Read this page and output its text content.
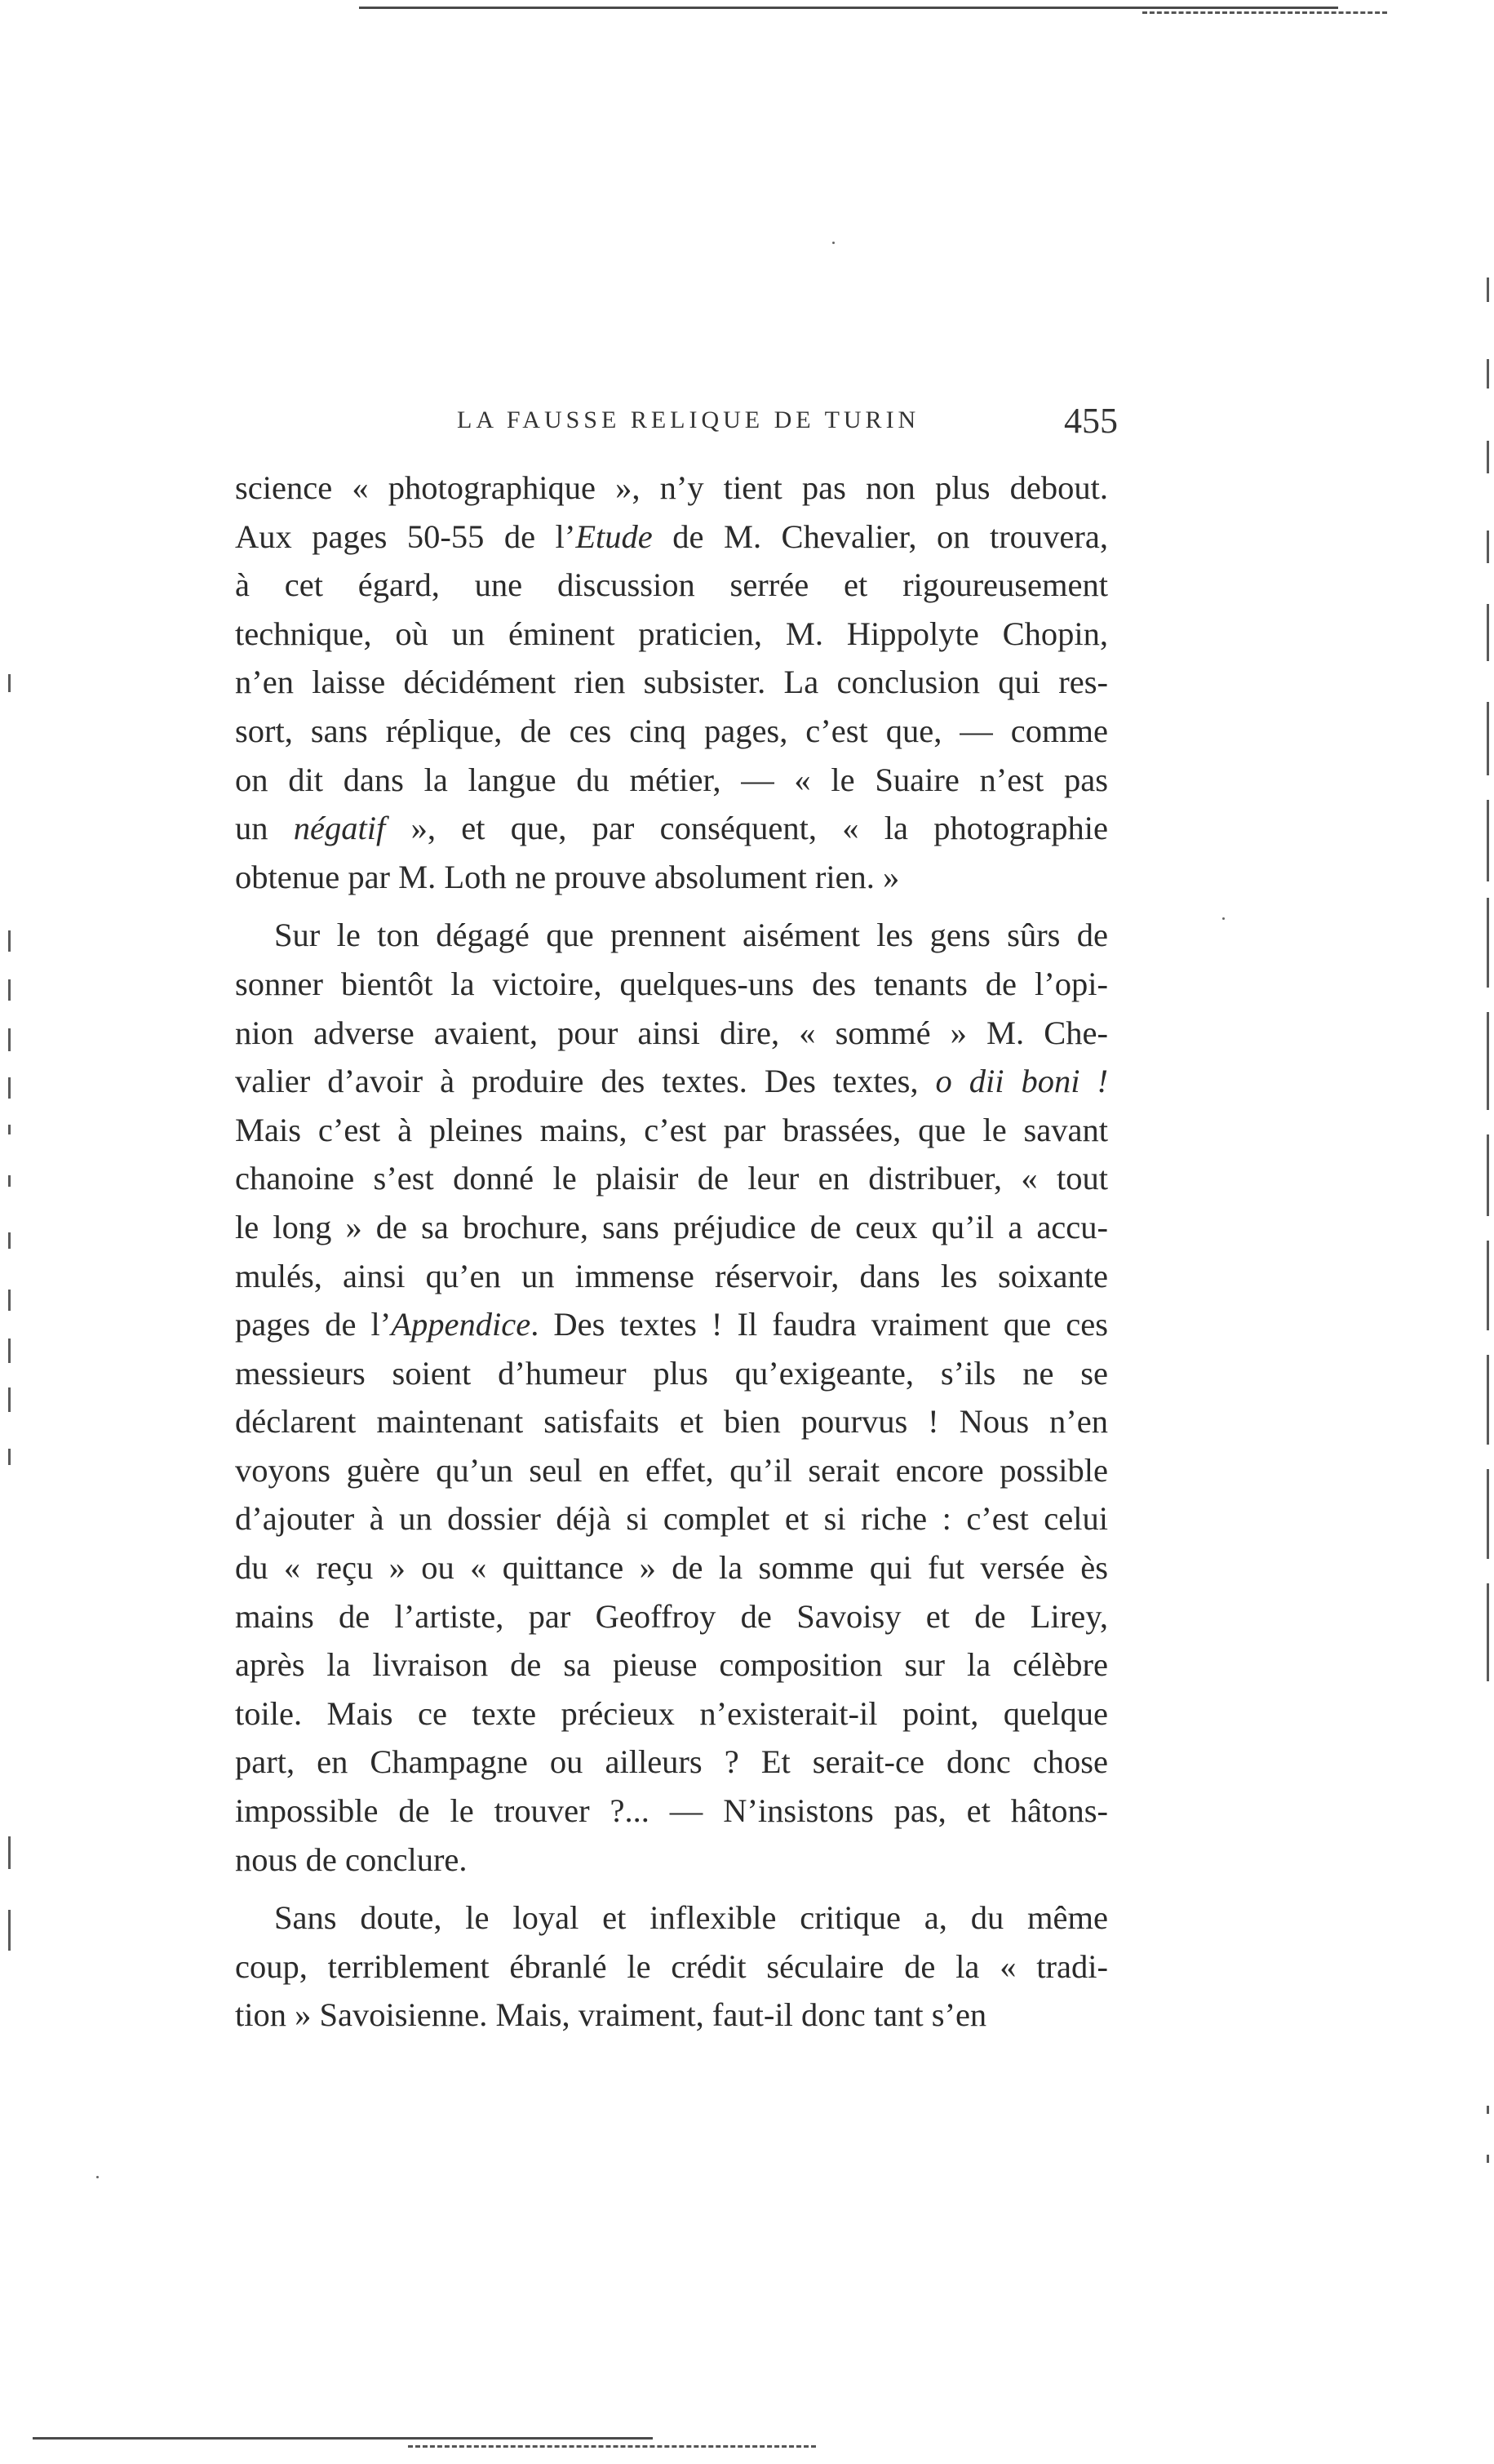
LA FAUSSE RELIQUE DE TURIN	455
science « photographique », n’y tient pas non plus debout.
Aux pages 50-55 de l’Etude de M. Chevalier, on trouvera,
à cet égard, une discussion serrée et rigoureusement
technique, où un éminent praticien, M. Hippolyte Chopin,
n’en laisse décidément rien subsister. La conclusion qui res-
sort, sans réplique, de ces cinq pages, c’est que, — comme
on dit dans la langue du métier, — « le Suaire n’est pas
un négatif », et que, par conséquent, « la photographie
obtenue par M. Loth ne prouve absolument rien. »
Sur le ton dégagé que prennent aisément les gens sûrs de
sonner bientôt la victoire, quelques-uns des tenants de l’opi-
nion adverse avaient, pour ainsi dire, « sommé » M. Che-
valier d’avoir à produire des textes. Des textes, o dii boni !
Mais c’est à pleines mains, c’est par brassées, que le savant
chanoine s’est donné le plaisir de leur en distribuer, « tout
le long » de sa brochure, sans préjudice de ceux qu’il a accu-
mulés, ainsi qu’en un immense réservoir, dans les soixante
pages de l’Appendice. Des textes ! Il faudra vraiment que ces
messieurs soient d’humeur plus qu’exigeante, s’ils ne se
déclarent maintenant satisfaits et bien pourvus ! Nous n’en
voyons guère qu’un seul en effet, qu’il serait encore possible
d’ajouter à un dossier déjà si complet et si riche : c’est celui
du « reçu » ou « quittance » de la somme qui fut versée ès
mains de l’artiste, par Geoffroy de Savoisy et de Lirey,
après la livraison de sa pieuse composition sur la célèbre
toile. Mais ce texte précieux n’existerait-il point, quelque
part, en Champagne ou ailleurs ? Et serait-ce donc chose
impossible de le trouver ?... — N’insistons pas, et hâtons-
nous de conclure.
Sans doute, le loyal et inflexible critique a, du même
coup, terriblement ébranlé le crédit séculaire de la « tradi-
tion » Savoisienne. Mais, vraiment, faut-il donc tant s’en
